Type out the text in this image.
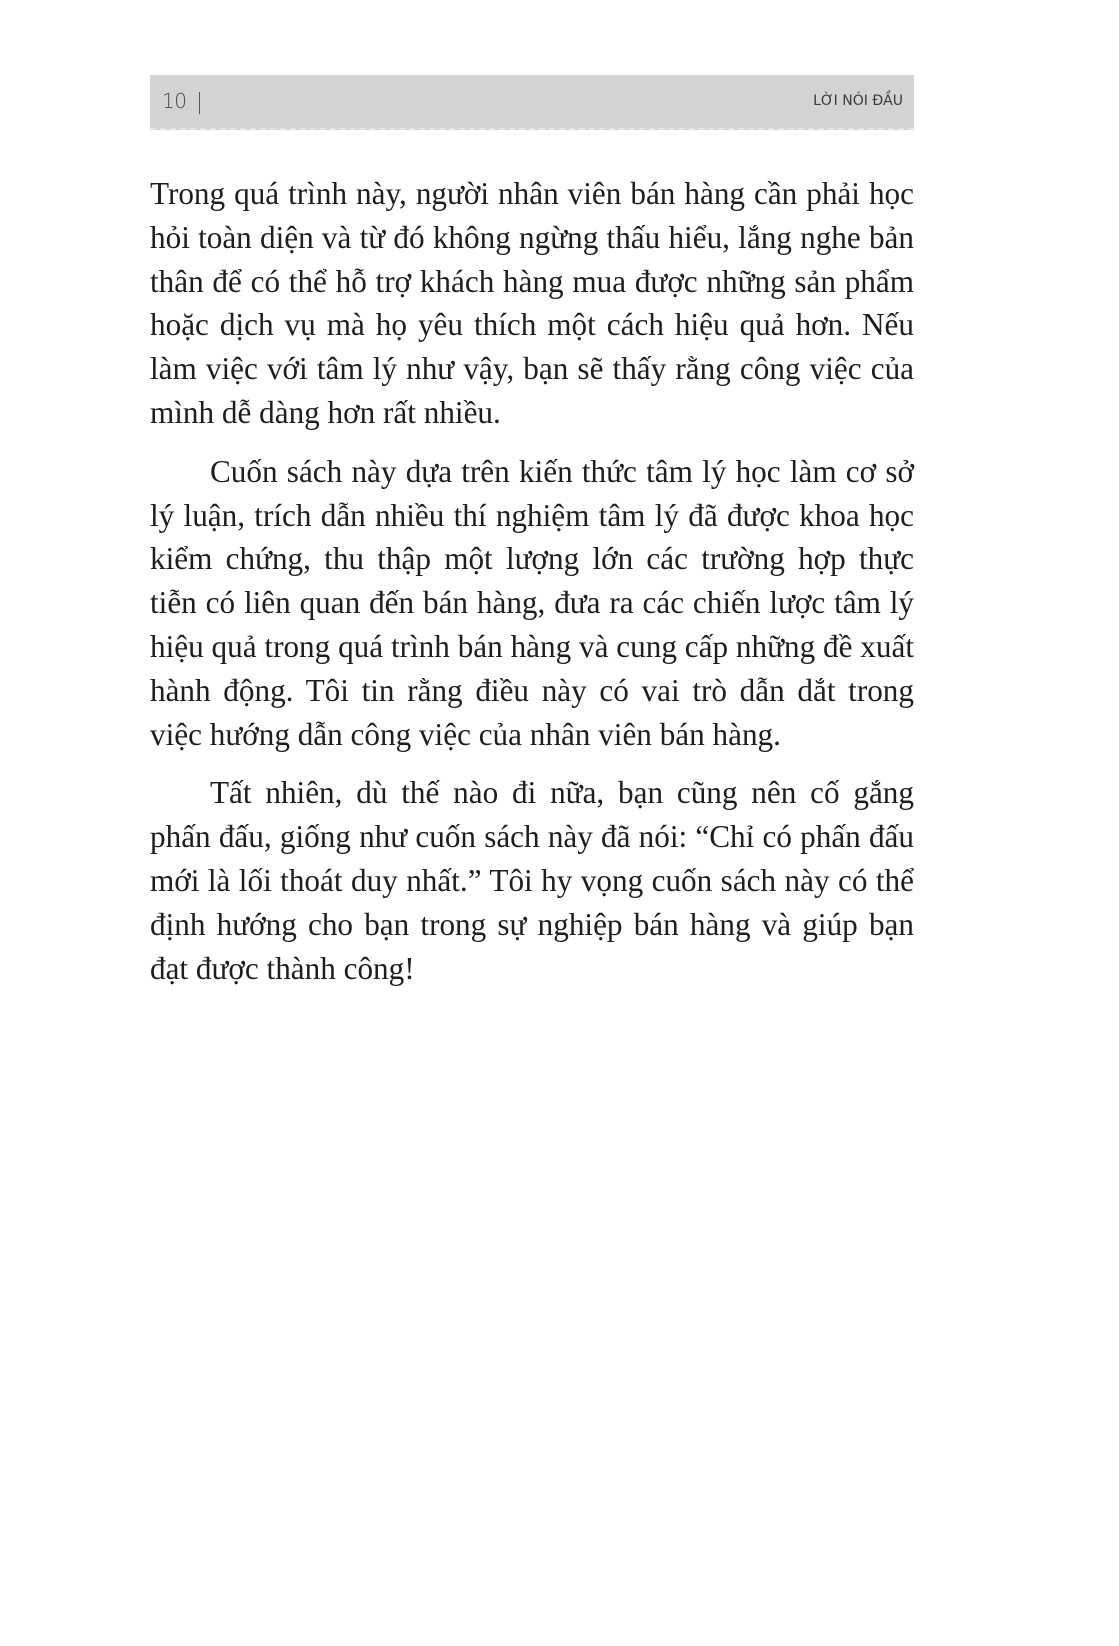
10	LỜI NÓI ĐẦU

Trong quá trình này, người nhân viên bán hàng cần phải học hỏi toàn diện và từ đó không ngừng thấu hiểu, lắng nghe bản thân để có thể hỗ trợ khách hàng mua được những sản phẩm hoặc dịch vụ mà họ yêu thích một cách hiệu quả hơn. Nếu làm việc với tâm lý như vậy, bạn sẽ thấy rằng công việc của mình dễ dàng hơn rất nhiều.

Cuốn sách này dựa trên kiến thức tâm lý học làm cơ sở lý luận, trích dẫn nhiều thí nghiệm tâm lý đã được khoa học kiểm chứng, thu thập một lượng lớn các trường hợp thực tiễn có liên quan đến bán hàng, đưa ra các chiến lược tâm lý hiệu quả trong quá trình bán hàng và cung cấp những đề xuất hành động. Tôi tin rằng điều này có vai trò dẫn dắt trong việc hướng dẫn công việc của nhân viên bán hàng.

Tất nhiên, dù thế nào đi nữa, bạn cũng nên cố gắng phấn đấu, giống như cuốn sách này đã nói: “Chỉ có phấn đấu mới là lối thoát duy nhất.” Tôi hy vọng cuốn sách này có thể định hướng cho bạn trong sự nghiệp bán hàng và giúp bạn đạt được thành công!
